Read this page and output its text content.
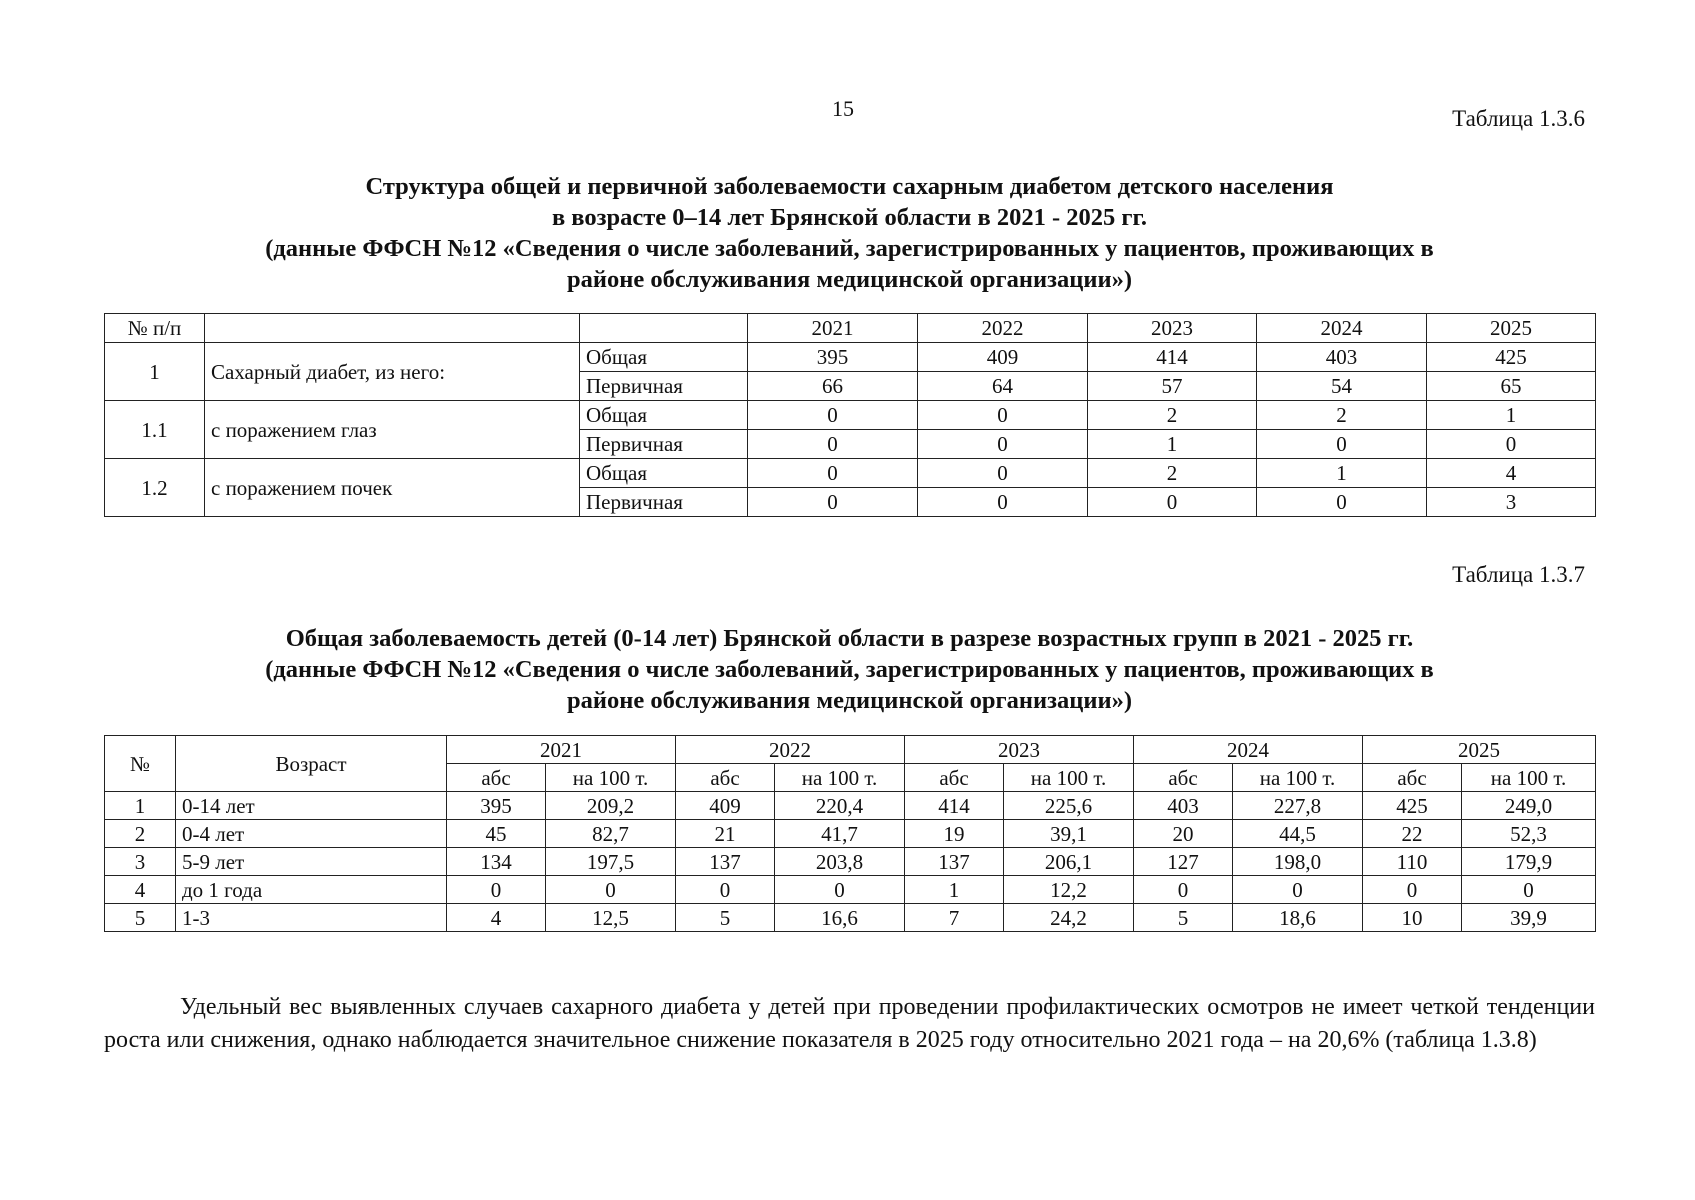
15	Таблица 1.3.6
Структура общей и первичной заболеваемости сахарным диабетом детского населения
в возрасте 0–14 лет Брянской области в 2021 - 2025 гг.
(данные ФФСН №12 «Сведения о числе заболеваний, зарегистрированных у пациентов, проживающих в
районе обслуживания медицинской организации»)
№ п/п			2021	2022	2023	2024	2025
1	Сахарный диабет, из него:	Общая	395	409	414	403	425
		Первичная	66	64	57	54	65
1.1	с поражением глаз	Общая	0	0	2	2	1
		Первичная	0	0	1	0	0
1.2	с поражением почек	Общая	0	0	2	1	4
		Первичная	0	0	0	0	3
Таблица 1.3.7
Общая заболеваемость детей (0-14 лет) Брянской области в разрезе возрастных групп в 2021 - 2025 гг.
(данные ФФСН №12 «Сведения о числе заболеваний, зарегистрированных у пациентов, проживающих в
районе обслуживания медицинской организации»)
№	Возраст	2021		2022		2023		2024		2025	
		абс	на 100 т.	абс	на 100 т.	абс	на 100 т.	абс	на 100 т.	абс	на 100 т.
1	0-14 лет	395	209,2	409	220,4	414	225,6	403	227,8	425	249,0
2	0-4 лет	45	82,7	21	41,7	19	39,1	20	44,5	22	52,3
3	5-9 лет	134	197,5	137	203,8	137	206,1	127	198,0	110	179,9
4	до 1 года	0	0	0	0	1	12,2	0	0	0	0
5	1-3	4	12,5	5	16,6	7	24,2	5	18,6	10	39,9

Удельный вес выявленных случаев сахарного диабета у детей при проведении профилактических осмотров не имеет четкой тенденции роста или снижения, однако наблюдается значительное снижение показателя в 2025 году относительно 2021 года – на 20,6% (таблица 1.3.8)
